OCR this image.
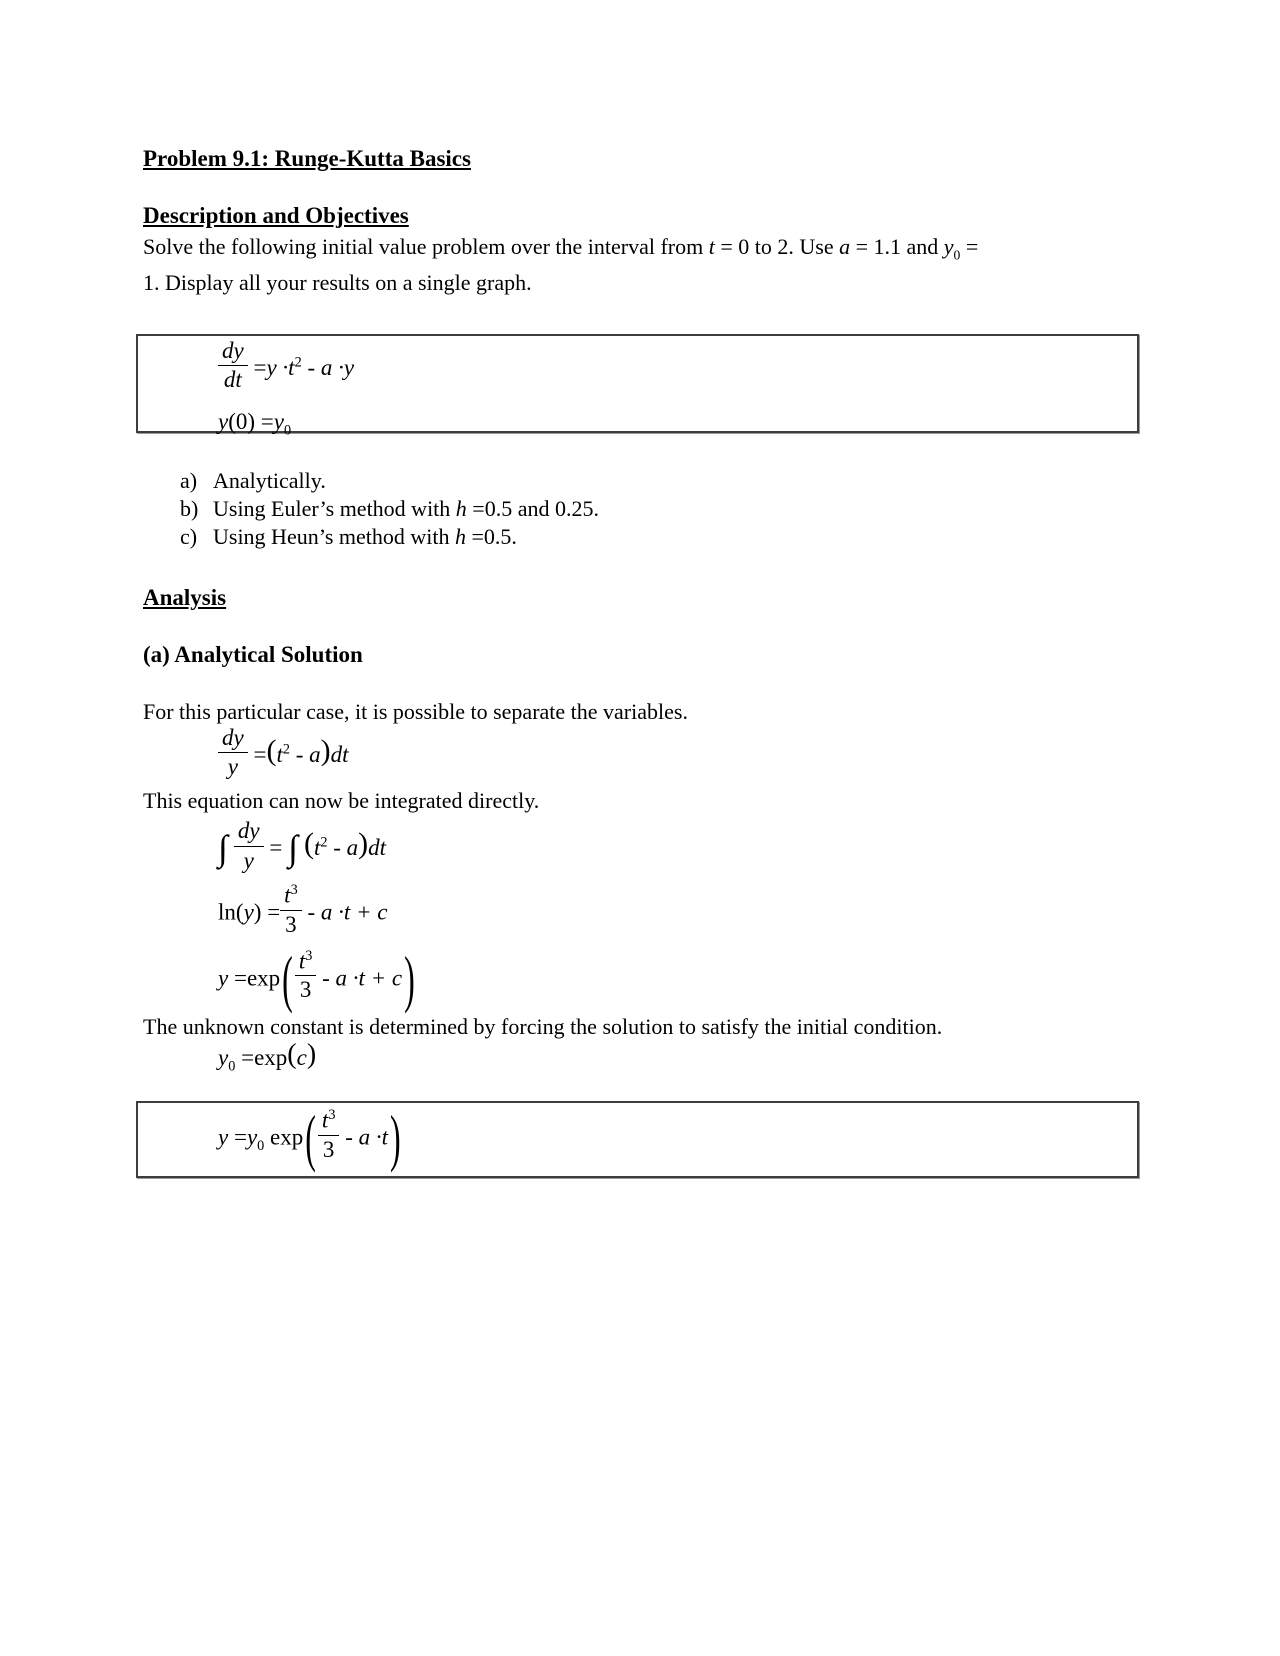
Problem 9.1: Runge-Kutta Basics
Description and Objectives

Solve the following initial value problem over the interval from t = 0 to 2. Use a = 1.1 and $y_0$ =

1. Display all your results on a single graph.

$\frac{dy}{dt} =y \cdot t^2 - a \cdot y$
$y(0) =y_0$
a) Analytically.
b) Using Euler’s method with h =0.5 and 0.25.
c) Using Heun’s method with h =0.5.
Analysis
(a) Analytical Solution

For this particular case, it is possible to separate the variables.

$\frac{dy}{y} =(t^2 - a)dt$

This equation can now be integrated directly.

∫ $\frac{dy}{y}$ = ∫ $(t^2 - a)dt$
$\ln(y) = \frac{t^3}{3} - a \cdot t + c$
$y =\exp( \frac{t^3}{3} - a \cdot t + c)$

The unknown constant is determined by forcing the solution to satisfy the initial condition.

$y_0 =\exp(c)$
$y =y_0$ $\exp( \frac{t^3}{3} - a \cdot t)$
